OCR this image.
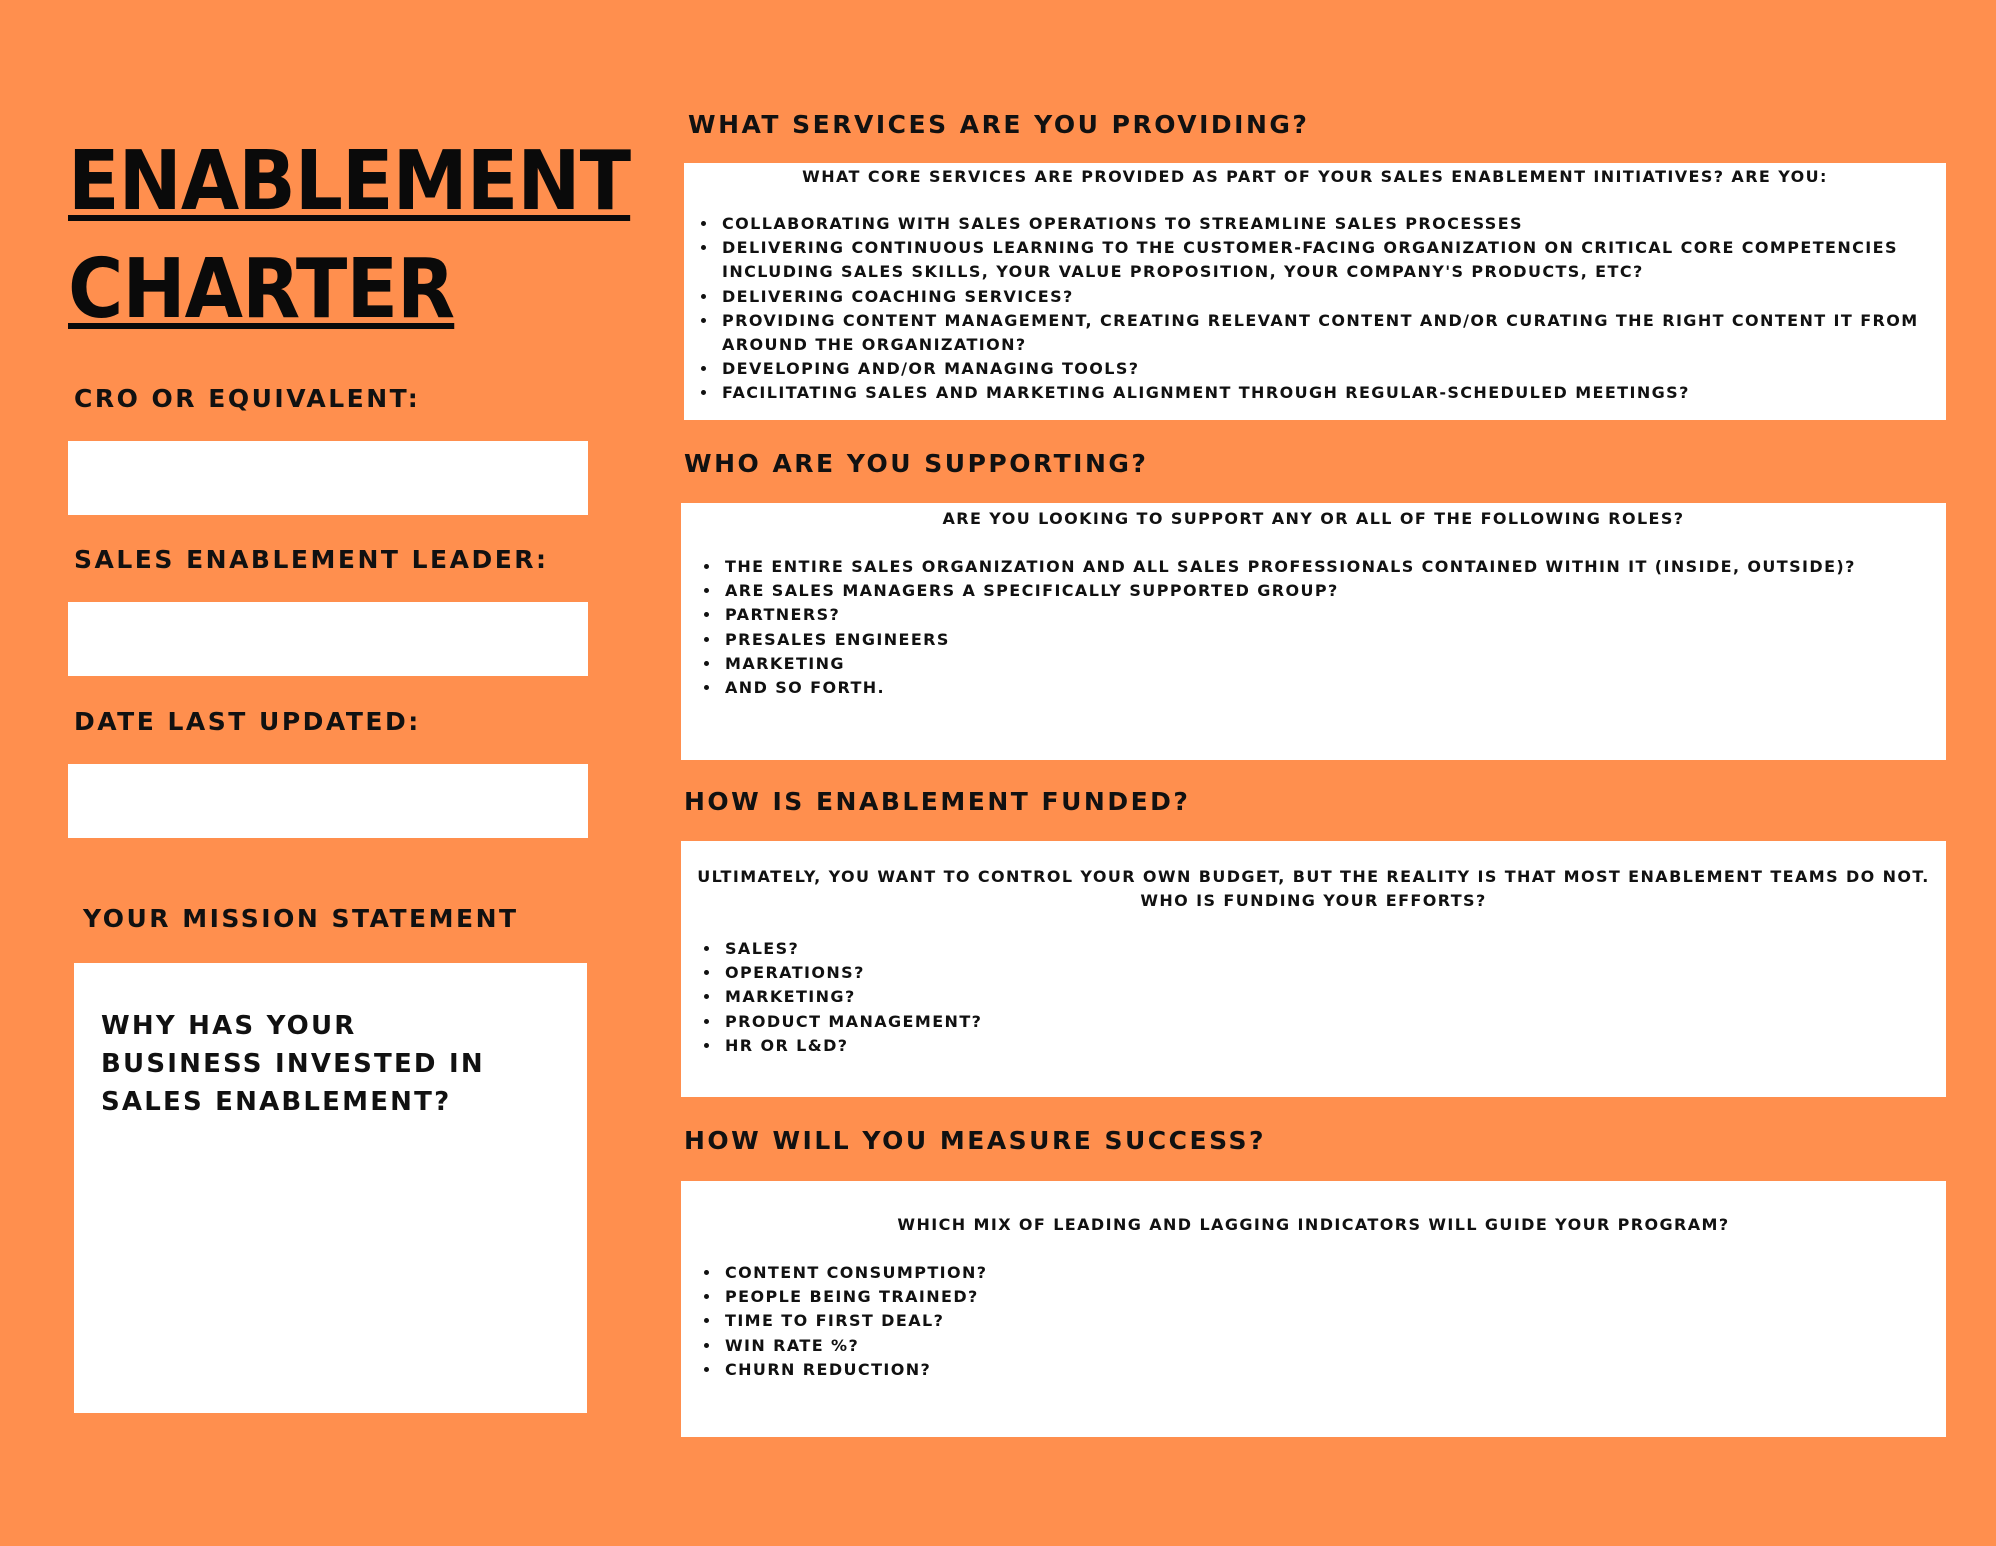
ENABLEMENT
CHARTER

CRO OR EQUIVALENT:

SALES ENABLEMENT LEADER:

DATE LAST UPDATED:

YOUR MISSION STATEMENT

WHY HAS YOUR BUSINESS INVESTED IN SALES ENABLEMENT?

WHAT SERVICES ARE YOU PROVIDING?

WHAT CORE SERVICES ARE PROVIDED AS PART OF YOUR SALES ENABLEMENT INITIATIVES? ARE YOU:

• COLLABORATING WITH SALES OPERATIONS TO STREAMLINE SALES PROCESSES
• DELIVERING CONTINUOUS LEARNING TO THE CUSTOMER-FACING ORGANIZATION ON CRITICAL CORE COMPETENCIES INCLUDING SALES SKILLS, YOUR VALUE PROPOSITION, YOUR COMPANY'S PRODUCTS, ETC?
• DELIVERING COACHING SERVICES?
• PROVIDING CONTENT MANAGEMENT, CREATING RELEVANT CONTENT AND/OR CURATING THE RIGHT CONTENT IT FROM AROUND THE ORGANIZATION?
• DEVELOPING AND/OR MANAGING TOOLS?
• FACILITATING SALES AND MARKETING ALIGNMENT THROUGH REGULAR-SCHEDULED MEETINGS?
WHO ARE YOU SUPPORTING?

ARE YOU LOOKING TO SUPPORT ANY OR ALL OF THE FOLLOWING ROLES?

• THE ENTIRE SALES ORGANIZATION AND ALL SALES PROFESSIONALS CONTAINED WITHIN IT (INSIDE, OUTSIDE)?
• ARE SALES MANAGERS A SPECIFICALLY SUPPORTED GROUP?
• PARTNERS?
• PRESALES ENGINEERS
• MARKETING
• AND SO FORTH.
HOW IS ENABLEMENT FUNDED?

ULTIMATELY, YOU WANT TO CONTROL YOUR OWN BUDGET, BUT THE REALITY IS THAT MOST ENABLEMENT TEAMS DO NOT.

WHO IS FUNDING YOUR EFFORTS?

• SALES?
• OPERATIONS?
• MARKETING?
• PRODUCT MANAGEMENT?
• HR OR L&D?
HOW WILL YOU MEASURE SUCCESS?

WHICH MIX OF LEADING AND LAGGING INDICATORS WILL GUIDE YOUR PROGRAM?

• CONTENT CONSUMPTION?
• PEOPLE BEING TRAINED?
• TIME TO FIRST DEAL?
• WIN RATE %?
• CHURN REDUCTION?
